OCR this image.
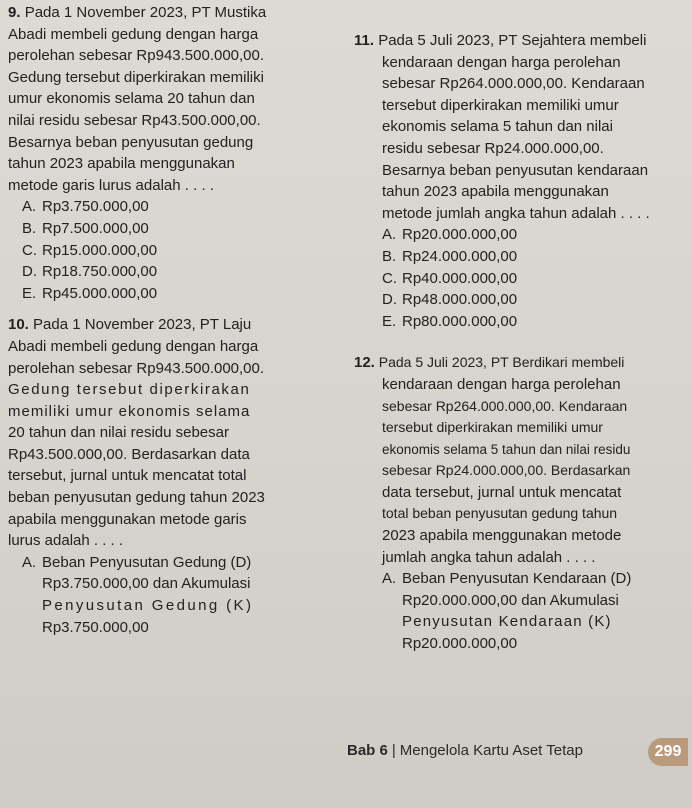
9. Pada 1 November 2023, PT Mustika
Abadi membeli gedung dengan harga
perolehan sebesar Rp943.500.000,00.
Gedung tersebut diperkirakan memiliki
umur ekonomis selama 20 tahun dan
nilai residu sebesar Rp43.500.000,00.
Besarnya beban penyusutan gedung
tahun 2023 apabila menggunakan
metode garis lurus adalah . . . .
A. Rp3.750.000,00
B. Rp7.500.000,00
C. Rp15.000.000,00
D. Rp18.750.000,00
E. Rp45.000.000,00
10. Pada 1 November 2023, PT Laju
Abadi membeli gedung dengan harga
perolehan sebesar Rp943.500.000,00.
Gedung tersebut diperkirakan
memiliki umur ekonomis selama
20 tahun dan nilai residu sebesar
Rp43.500.000,00. Berdasarkan data
tersebut, jurnal untuk mencatat total
beban penyusutan gedung tahun 2023
apabila menggunakan metode garis
lurus adalah . . . .
A. Beban Penyusutan Gedung (D)
Rp3.750.000,00 dan Akumulasi
Penyusutan Gedung (K)
Rp3.750.000,00
11. Pada 5 Juli 2023, PT Sejahtera membeli
kendaraan dengan harga perolehan
sebesar Rp264.000.000,00. Kendaraan
tersebut diperkirakan memiliki umur
ekonomis selama 5 tahun dan nilai
residu sebesar Rp24.000.000,00.
Besarnya beban penyusutan kendaraan
tahun 2023 apabila menggunakan
metode jumlah angka tahun adalah . . . .
A. Rp20.000.000,00
B. Rp24.000.000,00
C. Rp40.000.000,00
D. Rp48.000.000,00
E. Rp80.000.000,00
12. Pada 5 Juli 2023, PT Berdikari membeli
kendaraan dengan harga perolehan
sebesar Rp264.000.000,00. Kendaraan
tersebut diperkirakan memiliki umur
ekonomis selama 5 tahun dan nilai residu
sebesar Rp24.000.000,00. Berdasarkan
data tersebut, jurnal untuk mencatat
total beban penyusutan gedung tahun
2023 apabila menggunakan metode
jumlah angka tahun adalah . . . .
A. Beban Penyusutan Kendaraan (D)
Rp20.000.000,00 dan Akumulasi
Penyusutan Kendaraan (K)
Rp20.000.000,00
Bab 6 | Mengelola Kartu Aset Tetap	299
